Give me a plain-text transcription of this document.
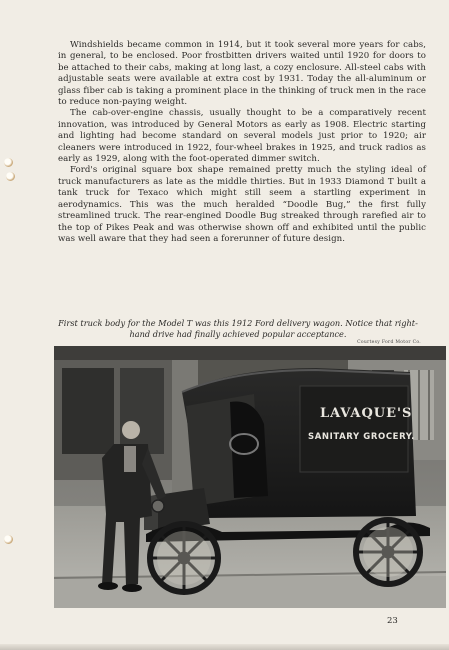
Windshields became common in 1914, but it took several more years for cabs, in general, to be enclosed. Poor frostbitten drivers waited until 1920 for doors to be attached to their cabs, making at long last, a cozy enclosure. All-steel cabs with adjustable seats were available at extra cost by 1931. Today the all-aluminum or glass fiber cab is taking a prominent place in the thinking of truck men in the race to reduce non-paying weight.

The cab-over-engine chassis, usually thought to be a comparatively recent innovation, was introduced by General Motors as early as 1908. Electric starting and lighting had become standard on several models just prior to 1920; air cleaners were introduced in 1922, four-wheel brakes in 1925, and truck radios as early as 1929, along with the foot-operated dimmer switch.

Ford's original square box shape remained pretty much the styling ideal of truck manufacturers as late as the middle thirties. But in 1933 Diamond T built a tank truck for Texaco which might still seem a startling experiment in aerodynamics. This was the much heralded “Doodle Bug,” the first fully streamlined truck. The rear-engined Doodle Bug streaked through rarefied air to the top of Pikes Peak and was otherwise shown off and exhibited until the public was well aware that they had seen a forerunner of future design.

First truck body for the Model T was this 1912 Ford delivery wagon. Notice that right-hand drive had finally achieved popular acceptance.
Courtesy Ford Motor Co.
LAVAQUE'S
SANITARY GROCERY.
23
